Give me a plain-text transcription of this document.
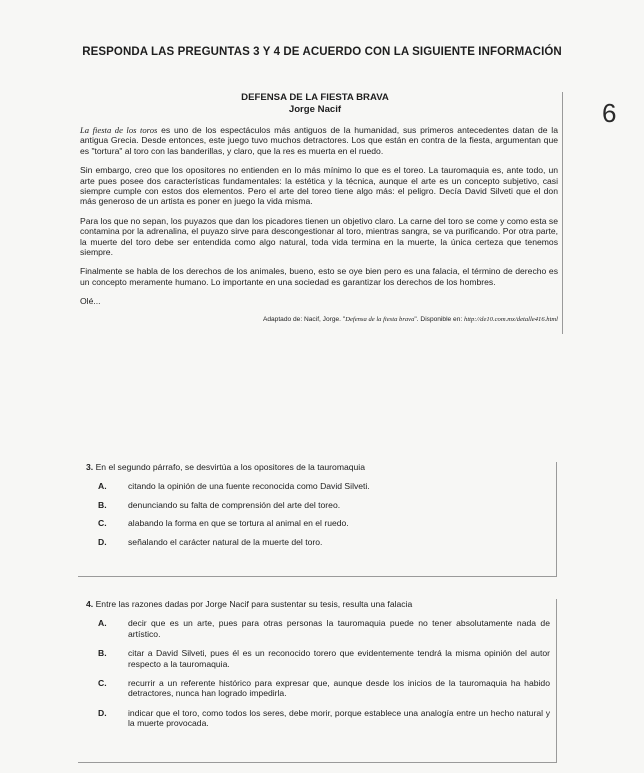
RESPONDA LAS PREGUNTAS 3 Y 4 DE ACUERDO CON LA SIGUIENTE INFORMACIÓN
6
DEFENSA DE LA FIESTA BRAVA
Jorge Nacif

La fiesta de los toros es uno de los espectáculos más antiguos de la humanidad, sus primeros antecedentes datan de la antigua Grecia. Desde entonces, este juego tuvo muchos detractores. Los que están en contra de la fiesta, argumentan que es "tortura" al toro con las banderillas, y claro, que la res es muerta en el ruedo.

Sin embargo, creo que los opositores no entienden en lo más mínimo lo que es el toreo. La tauromaquia es, ante todo, un arte pues posee dos características fundamentales: la estética y la técnica, aunque el arte es un concepto subjetivo, casi siempre cumple con estos dos elementos. Pero el arte del toreo tiene algo más: el peligro. Decía David Silveti que el don más generoso de un artista es poner en juego la vida misma.

Para los que no sepan, los puyazos que dan los picadores tienen un objetivo claro. La carne del toro se come y como esta se contamina por la adrenalina, el puyazo sirve para descongestionar al toro, mientras sangra, se va purificando. Por otra parte, la muerte del toro debe ser entendida como algo natural, toda vida termina en la muerte, la única certeza que tenemos siempre.

Finalmente se habla de los derechos de los animales, bueno, esto se oye bien pero es una falacia, el término de derecho es un concepto meramente humano. Lo importante en una sociedad es garantizar los derechos de los hombres.

Olé...

Adaptado de: Nacif, Jorge. "Defensa de la fiesta brava". Disponible en: http://de10.com.mx/detalle416.html
3. En el segundo párrafo, se desvirtúa a los opositores de la tauromaquia
A.	citando la opinión de una fuente reconocida como David Silveti.
B.	denunciando su falta de comprensión del arte del toreo.
C.	alabando la forma en que se tortura al animal en el ruedo.
D.	señalando el carácter natural de la muerte del toro.
4. Entre las razones dadas por Jorge Nacif para sustentar su tesis, resulta una falacia
A.	decir que es un arte, pues para otras personas la tauromaquia puede no tener absolutamente nada de artístico.
B.	citar a David Silveti, pues él es un reconocido torero que evidentemente tendrá la misma opinión del autor respecto a la tauromaquia.
C.	recurrir a un referente histórico para expresar que, aunque desde los inicios de la tauromaquia ha habido detractores, nunca han logrado impedirla.
D.	indicar que el toro, como todos los seres, debe morir, porque establece una analogía entre un hecho natural y la muerte provocada.
